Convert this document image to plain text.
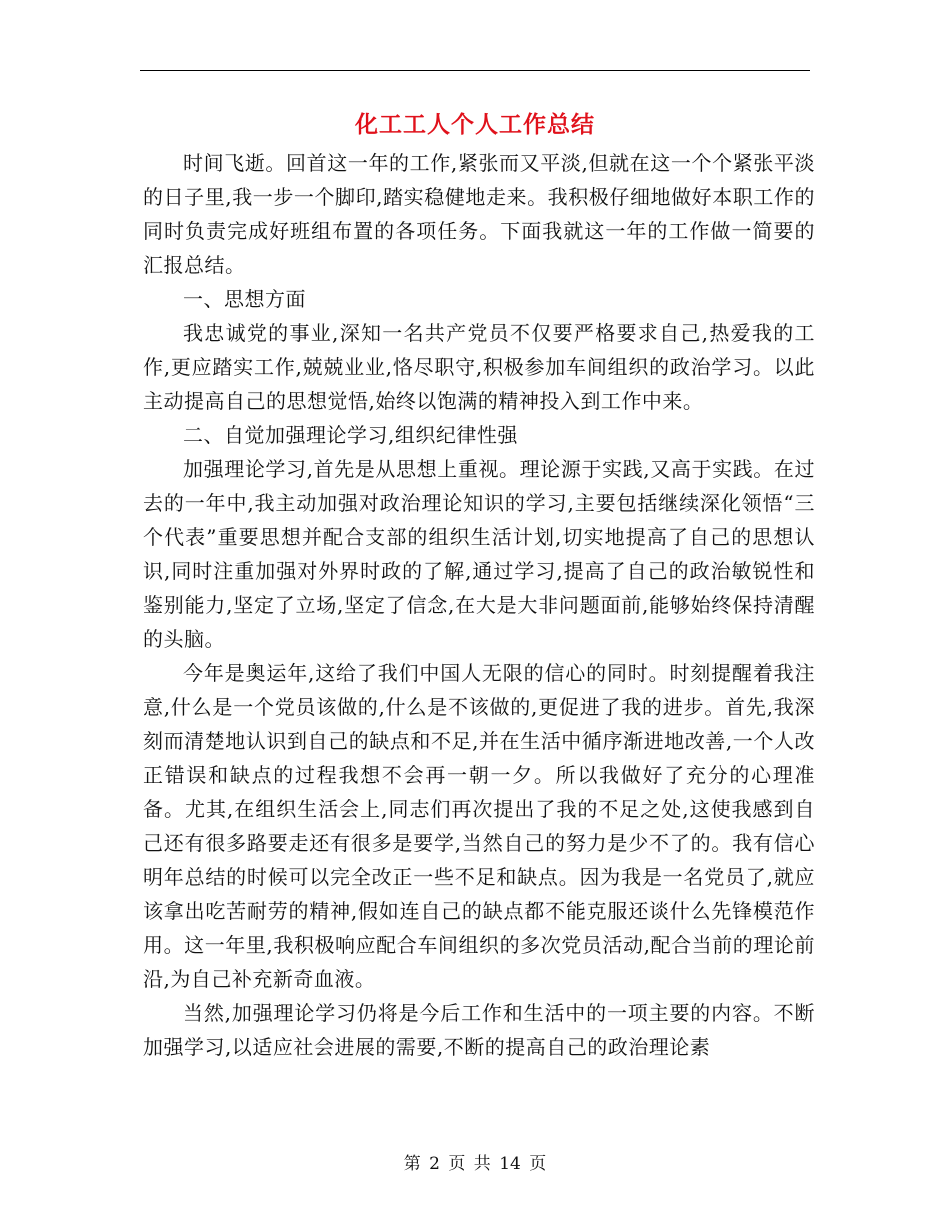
化工工人个人工作总结

时间飞逝。回首这一年的工作,紧张而又平淡,但就在这一个个紧张平淡的日子里,我一步一个脚印,踏实稳健地走来。我积极仔细地做好本职工作的同时负责完成好班组布置的各项任务。下面我就这一年的工作做一简要的汇报总结。

一、思想方面

我忠诚党的事业,深知一名共产党员不仅要严格要求自己,热爱我的工作,更应踏实工作,兢兢业业,恪尽职守,积极参加车间组织的政治学习。以此主动提高自己的思想觉悟,始终以饱满的精神投入到工作中来。

二、自觉加强理论学习,组织纪律性强

加强理论学习,首先是从思想上重视。理论源于实践,又高于实践。在过去的一年中,我主动加强对政治理论知识的学习,主要包括继续深化领悟“三个代表”重要思想并配合支部的组织生活计划,切实地提高了自己的思想认识,同时注重加强对外界时政的了解,通过学习,提高了自己的政治敏锐性和鉴别能力,坚定了立场,坚定了信念,在大是大非问题面前,能够始终保持清醒的头脑。

今年是奥运年,这给了我们中国人无限的信心的同时。时刻提醒着我注意,什么是一个党员该做的,什么是不该做的,更促进了我的进步。首先,我深刻而清楚地认识到自己的缺点和不足,并在生活中循序渐进地改善,一个人改正错误和缺点的过程我想不会再一朝一夕。所以我做好了充分的心理准备。尤其,在组织生活会上,同志们再次提出了我的不足之处,这使我感到自己还有很多路要走还有很多是要学,当然自己的努力是少不了的。我有信心明年总结的时候可以完全改正一些不足和缺点。因为我是一名党员了,就应该拿出吃苦耐劳的精神,假如连自己的缺点都不能克服还谈什么先锋模范作用。这一年里,我积极响应配合车间组织的多次党员活动,配合当前的理论前沿,为自己补充新奇血液。

当然,加强理论学习仍将是今后工作和生活中的一项主要的内容。不断加强学习,以适应社会进展的需要,不断的提高自己的政治理论素

第 2 页 共 14 页
